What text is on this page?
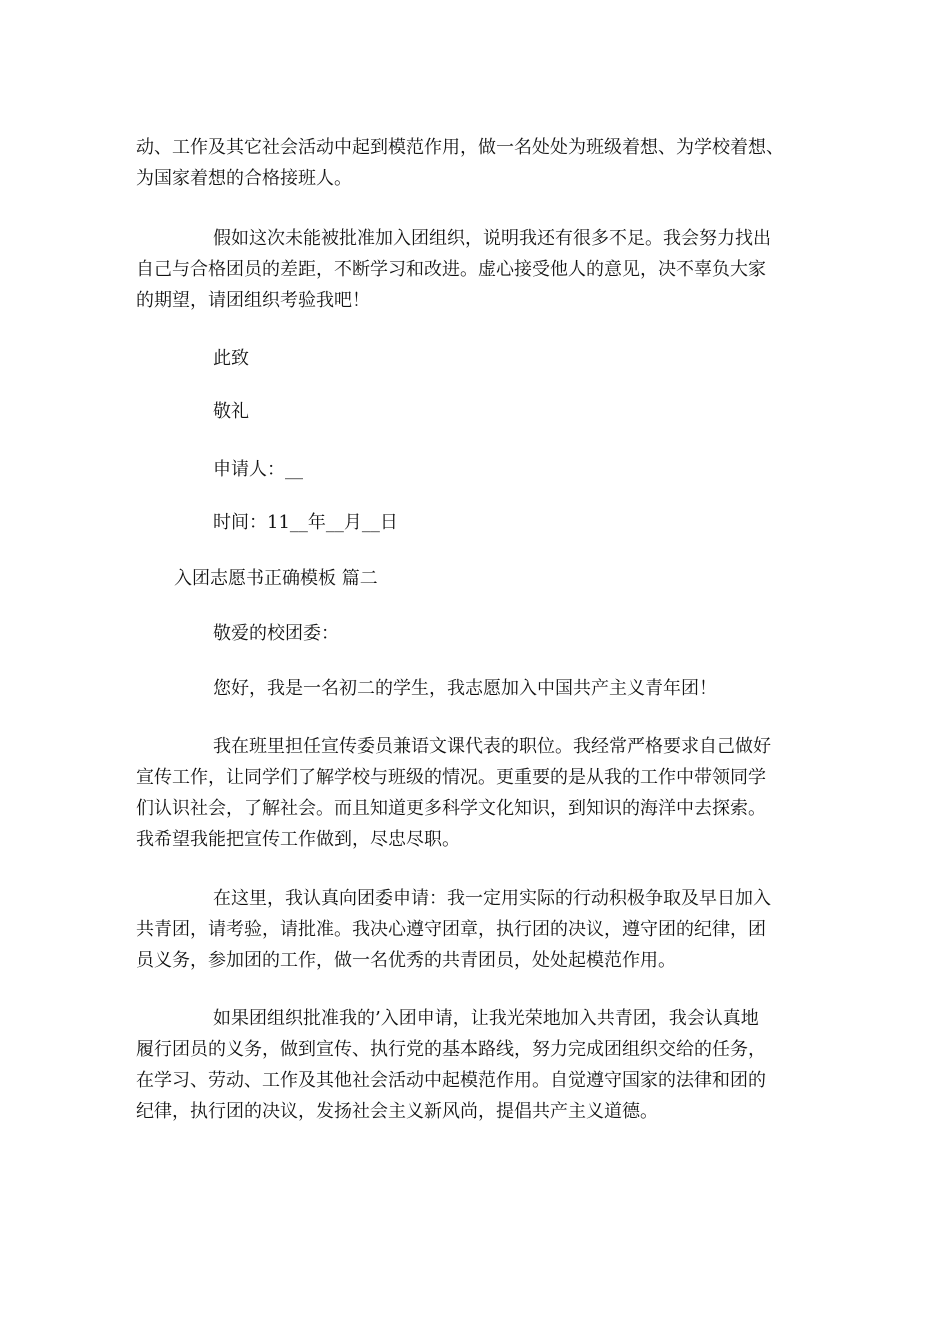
动、工作及其它社会活动中起到模范作用，做一名处处为班级着想、为学校着想、
为国家着想的合格接班人。

假如这次未能被批准加入团组织，说明我还有很多不足。我会努力找出
自己与合格团员的差距，不断学习和改进。虚心接受他人的意见，决不辜负大家
的期望，请团组织考验我吧！

此致

敬礼

申请人：__

时间：11__年__月__日

入团志愿书正确模板 篇二

敬爱的校团委：

您好，我是一名初二的学生，我志愿加入中国共产主义青年团！

我在班里担任宣传委员兼语文课代表的职位。我经常严格要求自己做好
宣传工作，让同学们了解学校与班级的情况。更重要的是从我的工作中带领同学
们认识社会，了解社会。而且知道更多科学文化知识，到知识的海洋中去探索。
我希望我能把宣传工作做到，尽忠尽职。

在这里，我认真向团委申请：我一定用实际的行动积极争取及早日加入
共青团，请考验，请批准。我决心遵守团章，执行团的决议，遵守团的纪律，团
员义务，参加团的工作，做一名优秀的共青团员，处处起模范作用。

如果团组织批准我的’入团申请，让我光荣地加入共青团，我会认真地
履行团员的义务，做到宣传、执行党的基本路线，努力完成团组织交给的任务，
在学习、劳动、工作及其他社会活动中起模范作用。自觉遵守国家的法律和团的
纪律，执行团的决议，发扬社会主义新风尚，提倡共产主义道德。
